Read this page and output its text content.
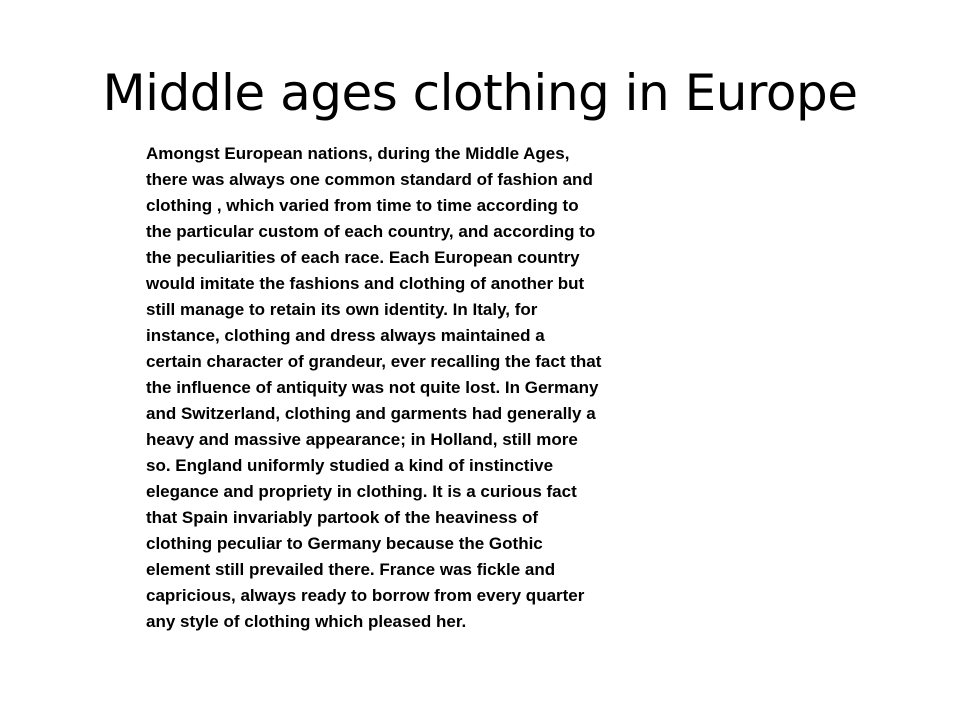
Middle ages clothing in Europe
Amongst European nations, during the Middle Ages,
there was always one common standard of fashion and
clothing , which varied from time to time according to
the particular custom of each country, and according to
the peculiarities of each race. Each European country
would imitate the fashions and clothing of another but
still manage to retain its own identity. In Italy, for
instance, clothing and dress always maintained a
certain character of grandeur, ever recalling the fact that
the influence of antiquity was not quite lost. In Germany
and Switzerland, clothing and garments had generally a
heavy and massive appearance; in Holland, still more
so. England uniformly studied a kind of instinctive
elegance and propriety in clothing. It is a curious fact
that Spain invariably partook of the heaviness of
clothing peculiar to Germany because the Gothic
element still prevailed there. France was fickle and
capricious, always ready to borrow from every quarter
any style of clothing which pleased her.
